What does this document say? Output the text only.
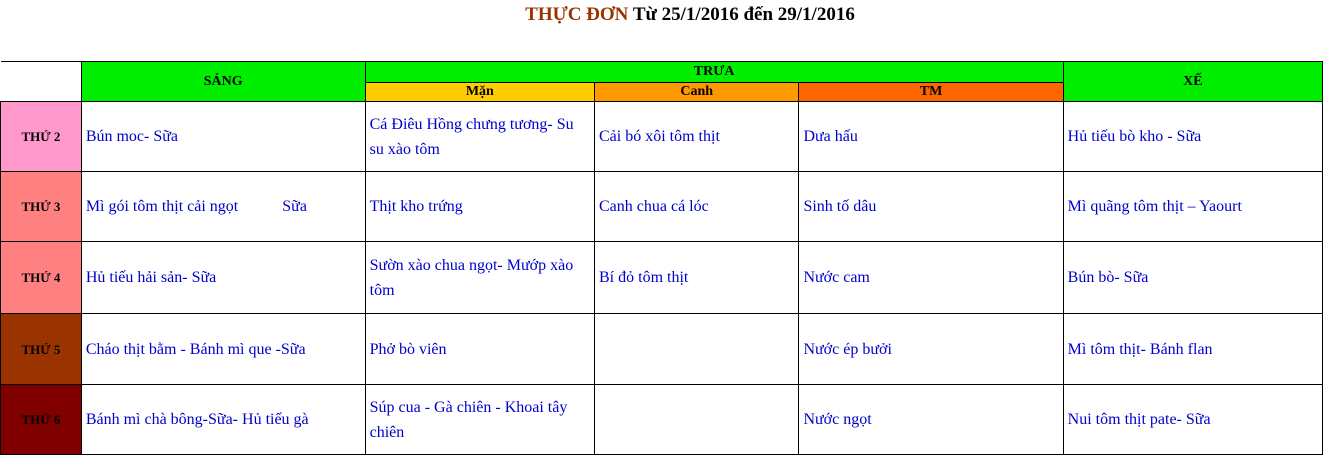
THỰC ĐƠN Từ 25/1/2016 đến 29/1/2016
	SÁNG	TRƯA			XẾ
		Mặn	Canh	TM	
THỨ 2	Bún moc- Sữa	Cá Điêu Hồng chưng tương- Su su xào tôm	Cải bó xôi tôm thịt	Dưa hấu	Hủ tiếu bò kho - Sữa
THỨ 3	Mì gói tôm thịt cải ngọt           Sữa	Thịt kho trứng	Canh chua cá lóc	Sinh tố dâu	Mì quãng tôm thịt – Yaourt
THỨ 4	Hủ tiếu hải sản- Sữa	Sườn xào chua ngọt- Mướp xào tôm	Bí đỏ tôm thịt	Nước cam	Bún bò- Sữa
THỨ 5	Cháo thịt bằm - Bánh mì que -Sữa	Phở bò viên		Nước ép bưởi	Mì tôm thịt- Bánh flan
THỨ 6	Bánh mì chà bông-Sữa- Hủ tiếu gà	Súp cua - Gà chiên - Khoai tây chiên		Nước ngọt	Nui tôm thịt pate- Sữa
